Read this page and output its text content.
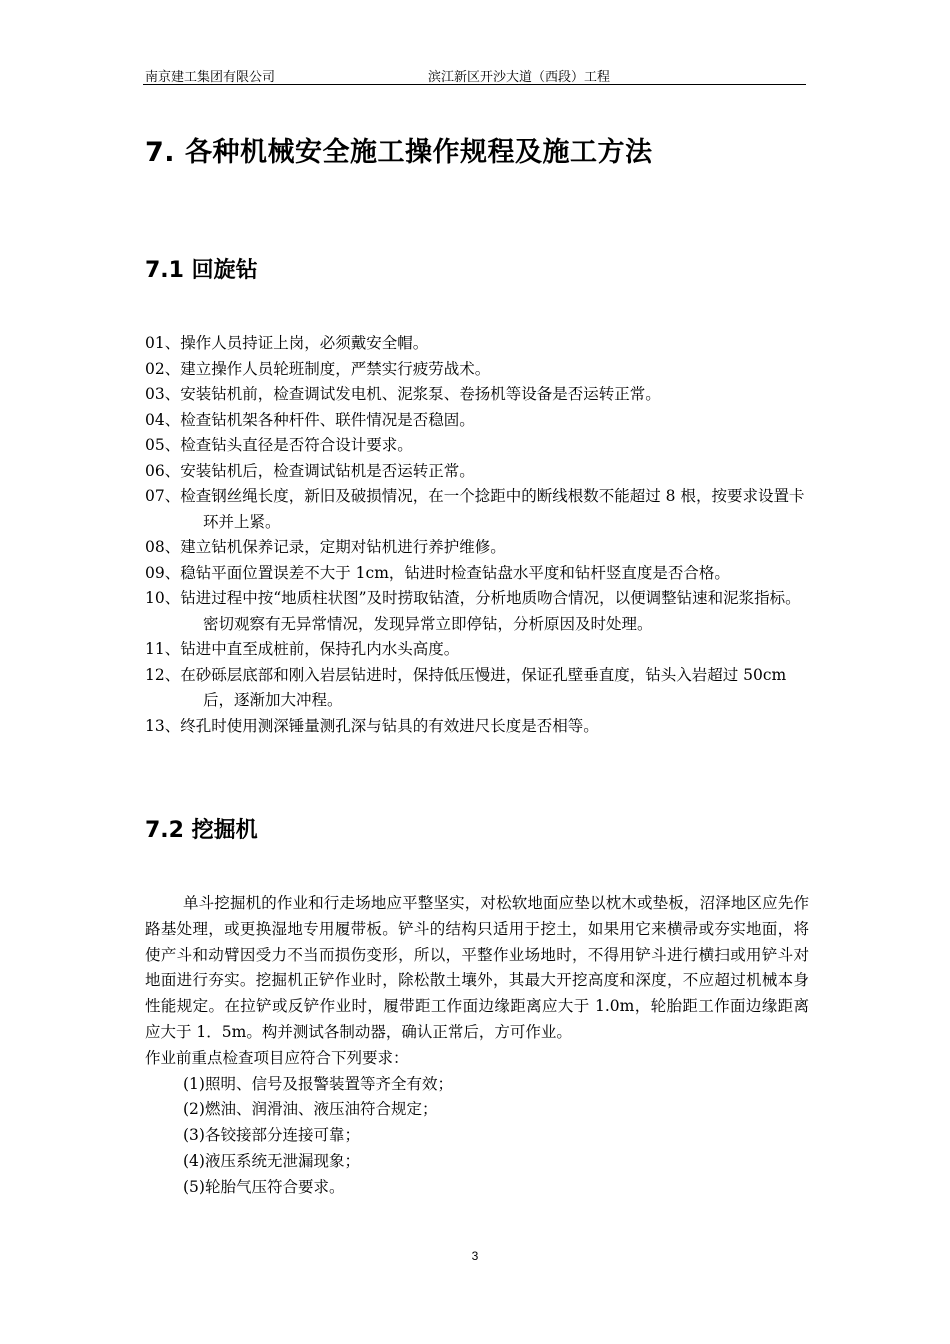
南京建工集团有限公司	滨江新区开沙大道（西段）工程
7. 各种机械安全施工操作规程及施工方法
7.1 回旋钻
01、操作人员持证上岗，必须戴安全帽。
02、建立操作人员轮班制度，严禁实行疲劳战术。
03、安装钻机前，检查调试发电机、泥浆泵、卷扬机等设备是否运转正常。
04、检查钻机架各种杆件、联件情况是否稳固。
05、检查钻头直径是否符合设计要求。
06、安装钻机后，检查调试钻机是否运转正常。
07、检查钢丝绳长度，新旧及破损情况，在一个捻距中的断线根数不能超过 8 根，按要求设置卡环并上紧。
08、建立钻机保养记录，定期对钻机进行养护维修。
09、稳钻平面位置误差不大于 1cm，钻进时检查钻盘水平度和钻杆竖直度是否合格。
10、钻进过程中按“地质柱状图”及时捞取钻渣，分析地质吻合情况，以便调整钻速和泥浆指标。密切观察有无异常情况，发现异常立即停钻，分析原因及时处理。
11、钻进中直至成桩前，保持孔内水头高度。
12、在砂砾层底部和刚入岩层钻进时，保持低压慢进，保证孔壁垂直度，钻头入岩超过 50cm 后，逐渐加大冲程。
13、终孔时使用测深锤量测孔深与钻具的有效进尺长度是否相等。
7.2 挖掘机
单斗挖掘机的作业和行走场地应平整坚实，对松软地面应垫以枕木或垫板，沼泽地区应先作路基处理，或更换湿地专用履带板。铲斗的结构只适用于挖土，如果用它来横帚或夯实地面，将使产斗和动臂因受力不当而损伤变形，所以，平整作业场地时，不得用铲斗进行横扫或用铲斗对地面进行夯实。挖掘机正铲作业时，除松散土壤外，其最大开挖高度和深度，不应超过机械本身性能规定。在拉铲或反铲作业时，履带距工作面边缘距离应大于 1.0m，轮胎距工作面边缘距离应大于 1．5m。构并测试各制动器，确认正常后，方可作业。
作业前重点检查项目应符合下列要求：
(1)照明、信号及报警装置等齐全有效；
(2)燃油、润滑油、液压油符合规定；
(3)各铰接部分连接可靠；
(4)液压系统无泄漏现象；
(5)轮胎气压符合要求。
3
